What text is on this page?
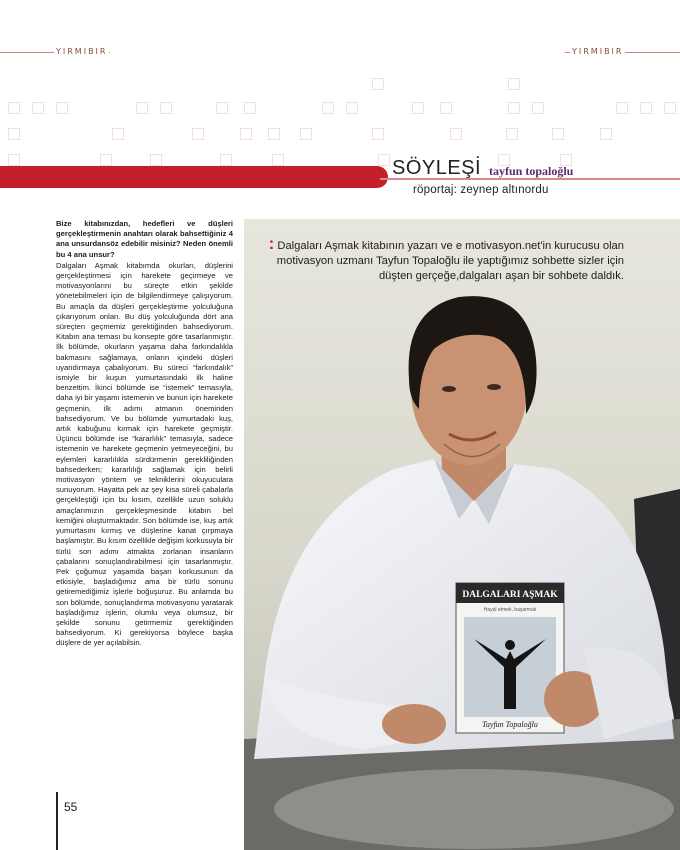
YIRMIBIR	YIRMIBIR
SÖYLEŞİ tayfun topaloğlu
röportaj: zeynep altınordu

Bize kitabınızdan, hedefleri ve düşleri gerçekleştirmenin anahtarı olarak bahsettiğiniz 4 ana unsurdansöz edebilir misiniz? Neden önemli bu 4 ana unsur?

Dalgaları Aşmak kitabımda okurları, düşlerini gerçekleştirmesi için harekete geçirmeye ve motivasyonlarını bu süreçte etkin şekilde yönetebilmeleri için de bilgilendirmeye çalışıyorum. Bu amaçla da düşleri gerçekleştirme yolculuğuna çıkarıyorum onları. Bu düş yolculuğunda dört ana süreçten geçmemiz gerektiğinden bahsediyorum. Kitabın ana teması bu konsepte göre tasarlanmıştır. İlk bölümde, okurların yaşama daha farkındalıkla bakmasını sağlamaya, onların içindeki düşleri uyandırmaya çabalıyorum. Bu süreci “farkındalık” ismiyle bir kuşun yumurtasındaki ilk haline benzettim. İkinci bölümde ise “istemek” temasıyla, daha iyi bir yaşamı istemenin ve bunun için harekete geçmenin, ilk adımı atmanın öneminden bahsediyorum. Ve bu bölümde yumurtadaki kuş, artık kabuğunu kırmak için harekete geçmiştir. Üçüncü bölümde ise “kararlılık” temasıyla, sadece istemenin ve harekete geçmenin yetmeyeceğini, bu eylemleri kararlılıkla sürdürmenin gerekliliğinden bahsederken; kararlılığı sağlamak için belirli motivasyon yöntem ve tekniklerini okuyuculara sunuyorum. Hayatta pek az şey kısa süreli çabalarla gerçekleştiği için bu kısım, özellikle uzun soluklu amaçlarımızın gerçekleşmesinde kitabın bel kemiğini oluşturmaktadır. Son bölümde ise, kuş artık yumurtasını kırmış ve düşlerine kanat çırpmaya başlamıştır. Bu kısım özellikle değişim korkusuyla bir türlü son adımı atmakta zorlanan insanların çabalarını sonuçlandırabilmesi için tasarlanmıştır. Pek çoğumuz yaşamda başarı korkusunun da etkisiyle, başladığımız ama bir türlü sonunu getiremediğimiz işlerle boğuşuruz. Bu anlamda bu son bölümde, sonuçlandırma motivasyonu yaratarak başladığımız işlerin, olumlu veya olumsuz, bir şekilde sonunu getirmemiz gerektiğinden bahsediyorum. Ki gerekiyorsa böylece başka düşlere de yer açılabilsin.

DALGALARI AŞMAK
Hayal etmek, başarmak
Tayfun Topaloğlu
: Dalgaları Aşmak kitabının yazarı ve e motivasyon.net'in kurucusu olan motivasyon uzmanı Tayfun Topaloğlu ile yaptığımız sohbette sizler için düşten gerçeğe,dalgaları aşan bir sohbete daldık.
55
